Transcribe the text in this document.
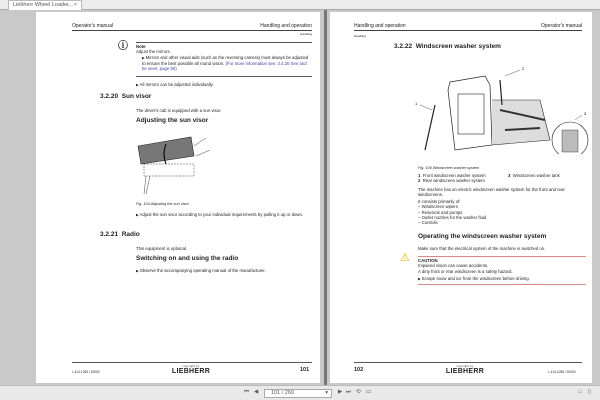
Liebherr Wheel Loader... ×
Operator's manual	Handling and operation
Handling
ⓘ Note
Adjust the mirrors.
▶ Mirrors and other visual aids (such as the reversing camera) must always be adjusted to ensure the best possible all round vision. (For more information see: 3.4.20 See and be seen, page 90)
▶ All mirrors can be adjusted individually.
3.2.20 Sun visor
The driver's cab is equipped with a sun visor.
Adjusting the sun visor
Fig. 104 Adjusting the sun visor
▶ Adjust the sun visor according to your individual requirements by pulling it up or down.
3.2.21 Radio
This equipment is optional.
Switching on and using the radio
▶ Observe the accompanying operating manual of the manufacturer.
L 414-1265 / 30000
copyright by
LIEBHERR	101
Handling and operation	Operator's manual
Handling
3.2.22 Windscreen washer system
1
2
3
Fig. 105 Windscreen washer system
1 Front windscreen washer system	3 Windscreen washer tank
2 Rear windscreen washer system
The machine has an electric windscreen washer system for the front and rear windscreens.
It consists primarily of:
– Windscreen wipers
– Reservoir and pumps
– Outlet nozzles for the washer fluid
– Controls
Operating the windscreen washer system
Make sure that the electrical system of the machine is switched on.
⚠ CAUTION
Impaired vision can cause accidents.
A dirty front or rear windscreen is a safety hazard.
▶ Scrape snow and ice from the windscreen before driving.
102
copyright by
LIEBHERR	L 414-1265 / 30000
⏮ ◀	101 / 260	▾ ▶ ⏭ ⟲ ▭	□ ▯
